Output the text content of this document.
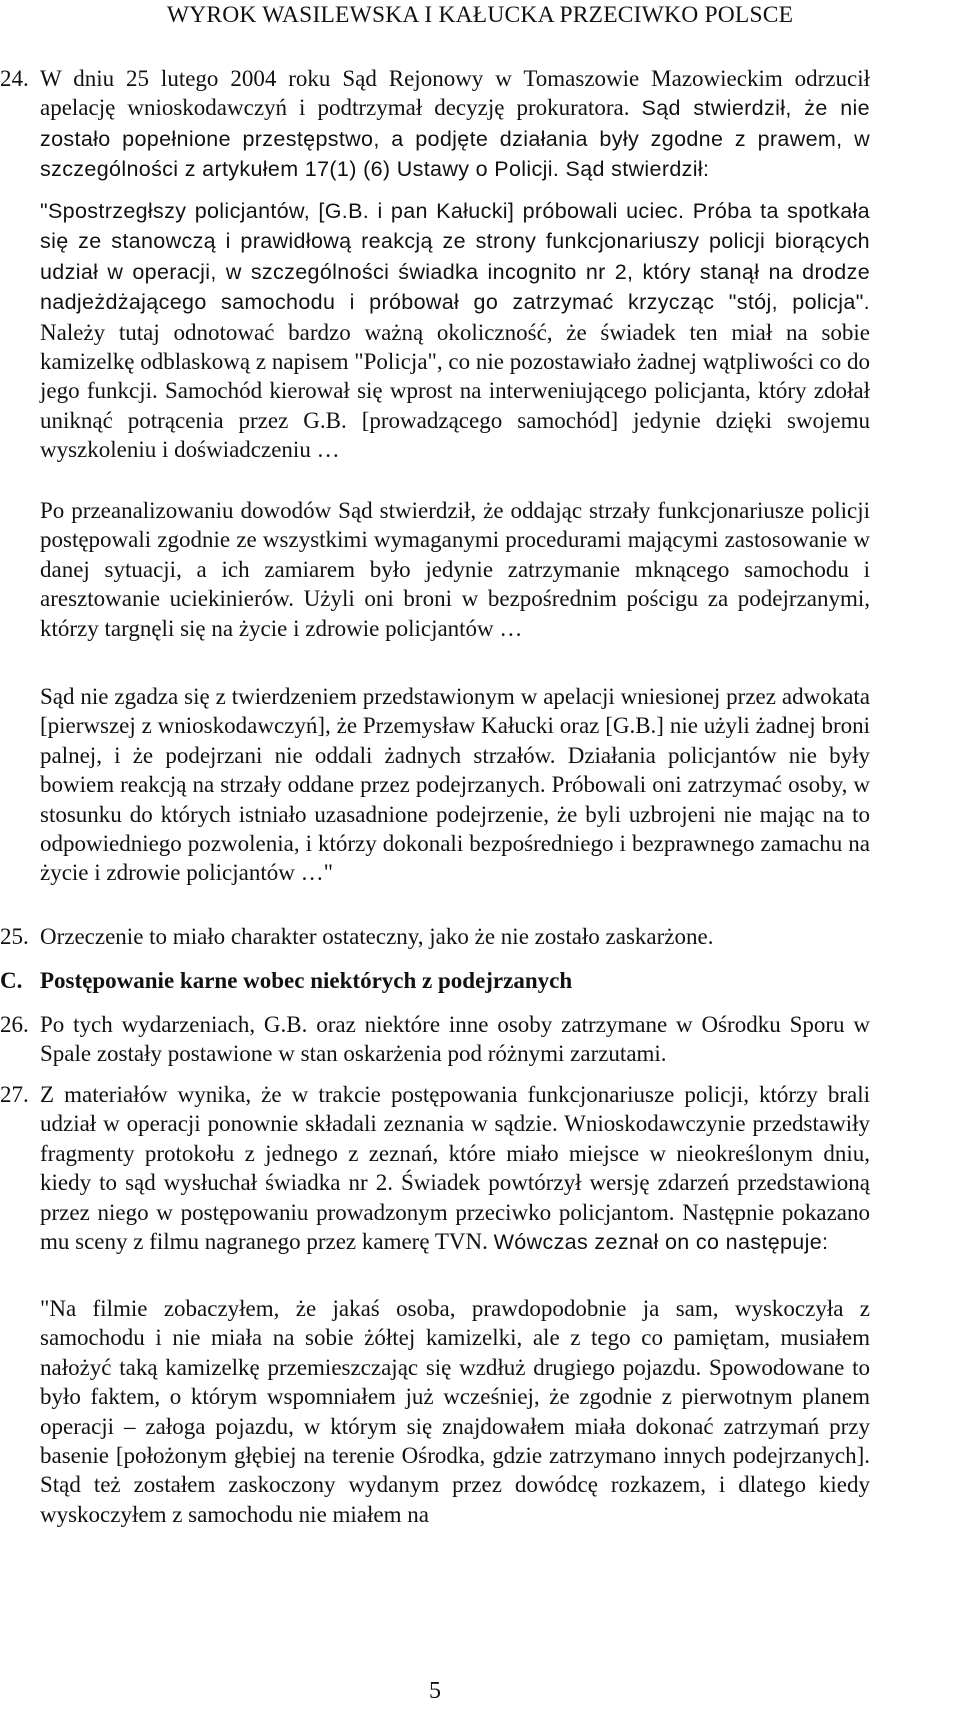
WYROK WASILEWSKA I KAŁUCKA PRZECIWKO POLSCE
24. W dniu 25 lutego 2004 roku Sąd Rejonowy w Tomaszowie Mazowieckim odrzucił apelację wnioskodawczyń i podtrzymał decyzję prokuratora. Sąd stwierdził, że nie zostało popełnione przestępstwo, a podjęte działania były zgodne z prawem, w szczególności z artykułem 17(1) (6) Ustawy o Policji. Sąd stwierdził:
"Spostrzegłszy policjantów, [G.B. i pan Kałucki] próbowali uciec. Próba ta spotkała się ze stanowczą i prawidłową reakcją ze strony funkcjonariuszy policji biorących udział w operacji, w szczególności świadka incognito nr 2, który stanął na drodze nadjeżdżającego samochodu i próbował go zatrzymać krzycząc "stój, policja". Należy tutaj odnotować bardzo ważną okoliczność, że świadek ten miał na sobie kamizelkę odblaskową z napisem "Policja", co nie pozostawiało żadnej wątpliwości co do jego funkcji. Samochód kierował się wprost na interweniującego policjanta, który zdołał uniknąć potrącenia przez G.B. [prowadzącego samochód] jedynie dzięki swojemu wyszkoleniu i doświadczeniu …
Po przeanalizowaniu dowodów Sąd stwierdził, że oddając strzały funkcjonariusze policji postępowali zgodnie ze wszystkimi wymaganymi procedurami mającymi zastosowanie w danej sytuacji, a ich zamiarem było jedynie zatrzymanie mknącego samochodu i aresztowanie uciekinierów. Użyli oni broni w bezpośrednim pościgu za podejrzanymi, którzy targnęli się na życie i zdrowie policjantów …
Sąd nie zgadza się z twierdzeniem przedstawionym w apelacji wniesionej przez adwokata [pierwszej z wnioskodawczyń], że Przemysław Kałucki oraz [G.B.] nie użyli żadnej broni palnej, i że podejrzani nie oddali żadnych strzałów. Działania policjantów nie były bowiem reakcją na strzały oddane przez podejrzanych. Próbowali oni zatrzymać osoby, w stosunku do których istniało uzasadnione podejrzenie, że byli uzbrojeni nie mając na to odpowiedniego pozwolenia, i którzy dokonali bezpośredniego i bezprawnego zamachu na życie i zdrowie policjantów …"
25. Orzeczenie to miało charakter ostateczny, jako że nie zostało zaskarżone.
C. Postępowanie karne wobec niektórych z podejrzanych
26. Po tych wydarzeniach, G.B. oraz niektóre inne osoby zatrzymane w Ośrodku Sporu w Spale zostały postawione w stan oskarżenia pod różnymi zarzutami.
27. Z materiałów wynika, że w trakcie postępowania funkcjonariusze policji, którzy brali udział w operacji ponownie składali zeznania w sądzie. Wnioskodawczynie przedstawiły fragmenty protokołu z jednego z zeznań, które miało miejsce w nieokreślonym dniu, kiedy to sąd wysłuchał świadka nr 2. Świadek powtórzył wersję zdarzeń przedstawioną przez niego w postępowaniu prowadzonym przeciwko policjantom. Następnie pokazano mu sceny z filmu nagranego przez kamerę TVN. Wówczas zeznał on co następuje:
"Na filmie zobaczyłem, że jakaś osoba, prawdopodobnie ja sam, wyskoczyła z samochodu i nie miała na sobie żółtej kamizelki, ale z tego co pamiętam, musiałem nałożyć taką kamizelkę przemieszczając się wzdłuż drugiego pojazdu. Spowodowane to było faktem, o którym wspomniałem już wcześniej, że zgodnie z pierwotnym planem operacji – załoga pojazdu, w którym się znajdowałem miała dokonać zatrzymań przy basenie [położonym głębiej na terenie Ośrodka, gdzie zatrzymano innych podejrzanych]. Stąd też zostałem zaskoczony wydanym przez dowódcę rozkazem, i dlatego kiedy wyskoczyłem z samochodu nie miałem na
5
